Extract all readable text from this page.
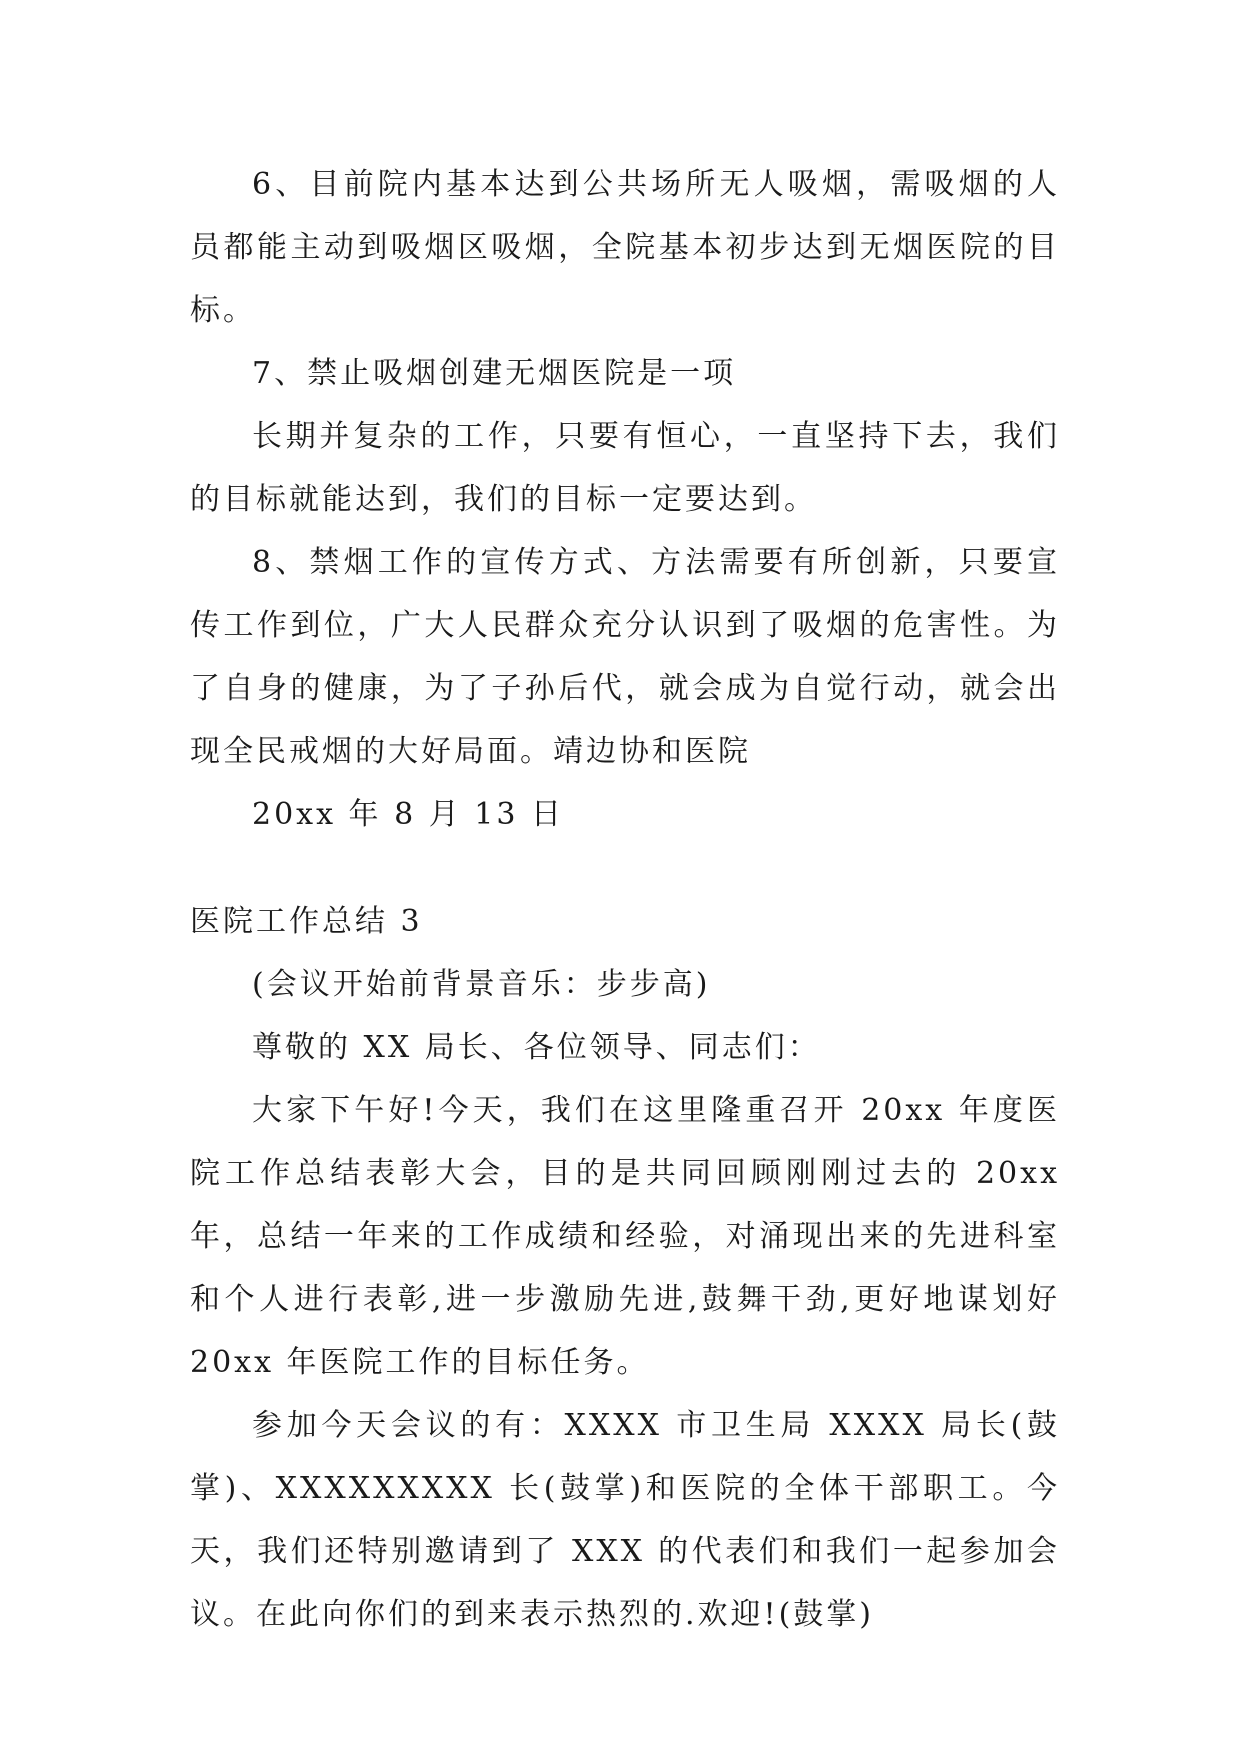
6、目前院内基本达到公共场所无人吸烟，需吸烟的人员都能主动到吸烟区吸烟，全院基本初步达到无烟医院的目标。

7、禁止吸烟创建无烟医院是一项

长期并复杂的工作，只要有恒心，一直坚持下去，我们的目标就能达到，我们的目标一定要达到。

8、禁烟工作的宣传方式、方法需要有所创新，只要宣传工作到位，广大人民群众充分认识到了吸烟的危害性。为了自身的健康，为了子孙后代，就会成为自觉行动，就会出现全民戒烟的大好局面。靖边协和医院

20xx 年 8 月 13 日

医院工作总结 3

(会议开始前背景音乐：步步高)

尊敬的 XX 局长、各位领导、同志们：

大家下午好!今天，我们在这里隆重召开 20xx 年度医院工作总结表彰大会，目的是共同回顾刚刚过去的 20xx 年，总结一年来的工作成绩和经验，对涌现出来的先进科室和个人进行表彰,进一步激励先进,鼓舞干劲,更好地谋划好 20xx 年医院工作的目标任务。

参加今天会议的有：XXXX 市卫生局 XXXX 局长(鼓掌)、XXXXXXXXX 长(鼓掌)和医院的全体干部职工。今天，我们还特别邀请到了 XXX 的代表们和我们一起参加会议。在此向你们的到来表示热烈的.欢迎!(鼓掌)
